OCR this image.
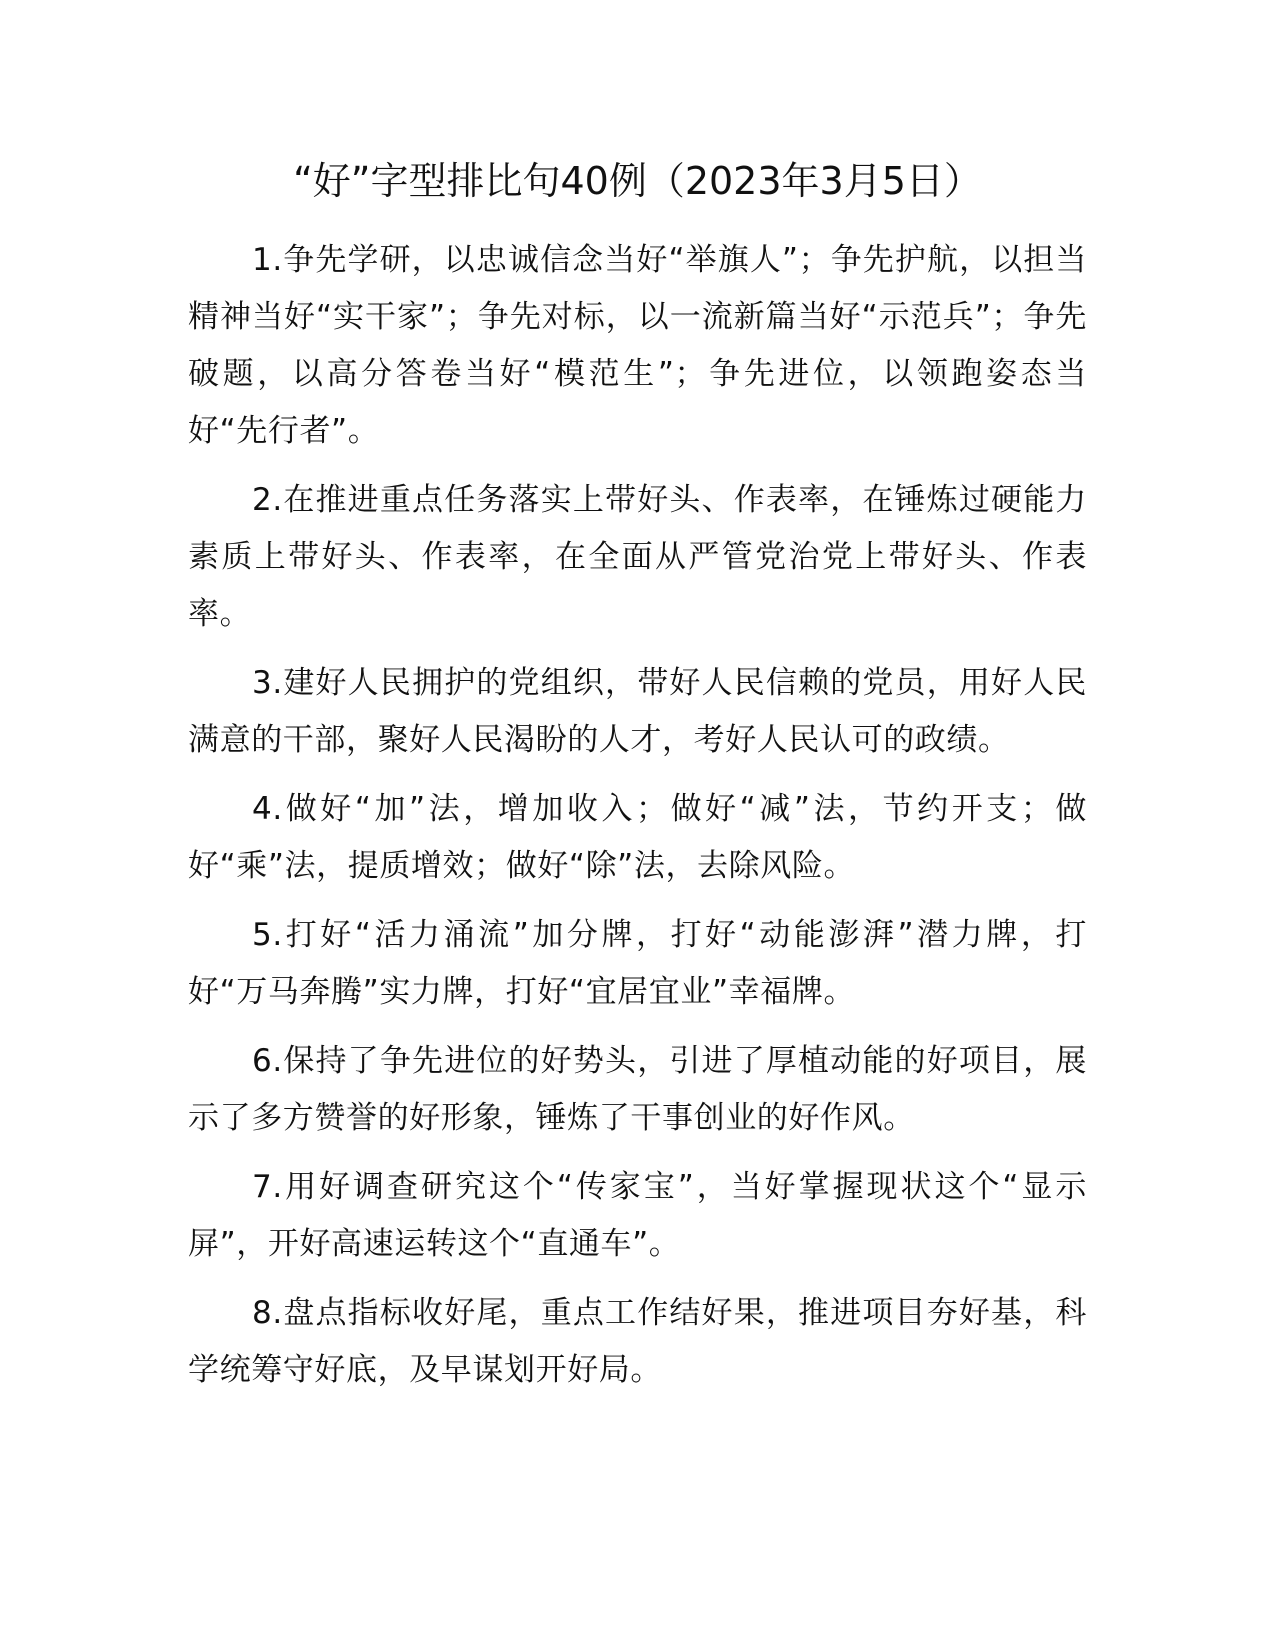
“好”字型排比句40例（2023年3月5日）

1.争先学研，以忠诚信念当好“举旗人”；争先护航，以担当精神当好“实干家”；争先对标，以一流新篇当好“示范兵”；争先破题，以高分答卷当好“模范生”；争先进位，以领跑姿态当好“先行者”。

2.在推进重点任务落实上带好头、作表率，在锤炼过硬能力素质上带好头、作表率，在全面从严管党治党上带好头、作表率。

3.建好人民拥护的党组织，带好人民信赖的党员，用好人民满意的干部，聚好人民渴盼的人才，考好人民认可的政绩。

4.做好“加”法，增加收入；做好“减”法，节约开支；做好“乘”法，提质增效；做好“除”法，去除风险。

5.打好“活力涌流”加分牌，打好“动能澎湃”潜力牌，打好“万马奔腾”实力牌，打好“宜居宜业”幸福牌。

6.保持了争先进位的好势头，引进了厚植动能的好项目，展示了多方赞誉的好形象，锤炼了干事创业的好作风。

7.用好调查研究这个“传家宝”，当好掌握现状这个“显示屏”，开好高速运转这个“直通车”。

8.盘点指标收好尾，重点工作结好果，推进项目夯好基，科学统筹守好底，及早谋划开好局。
